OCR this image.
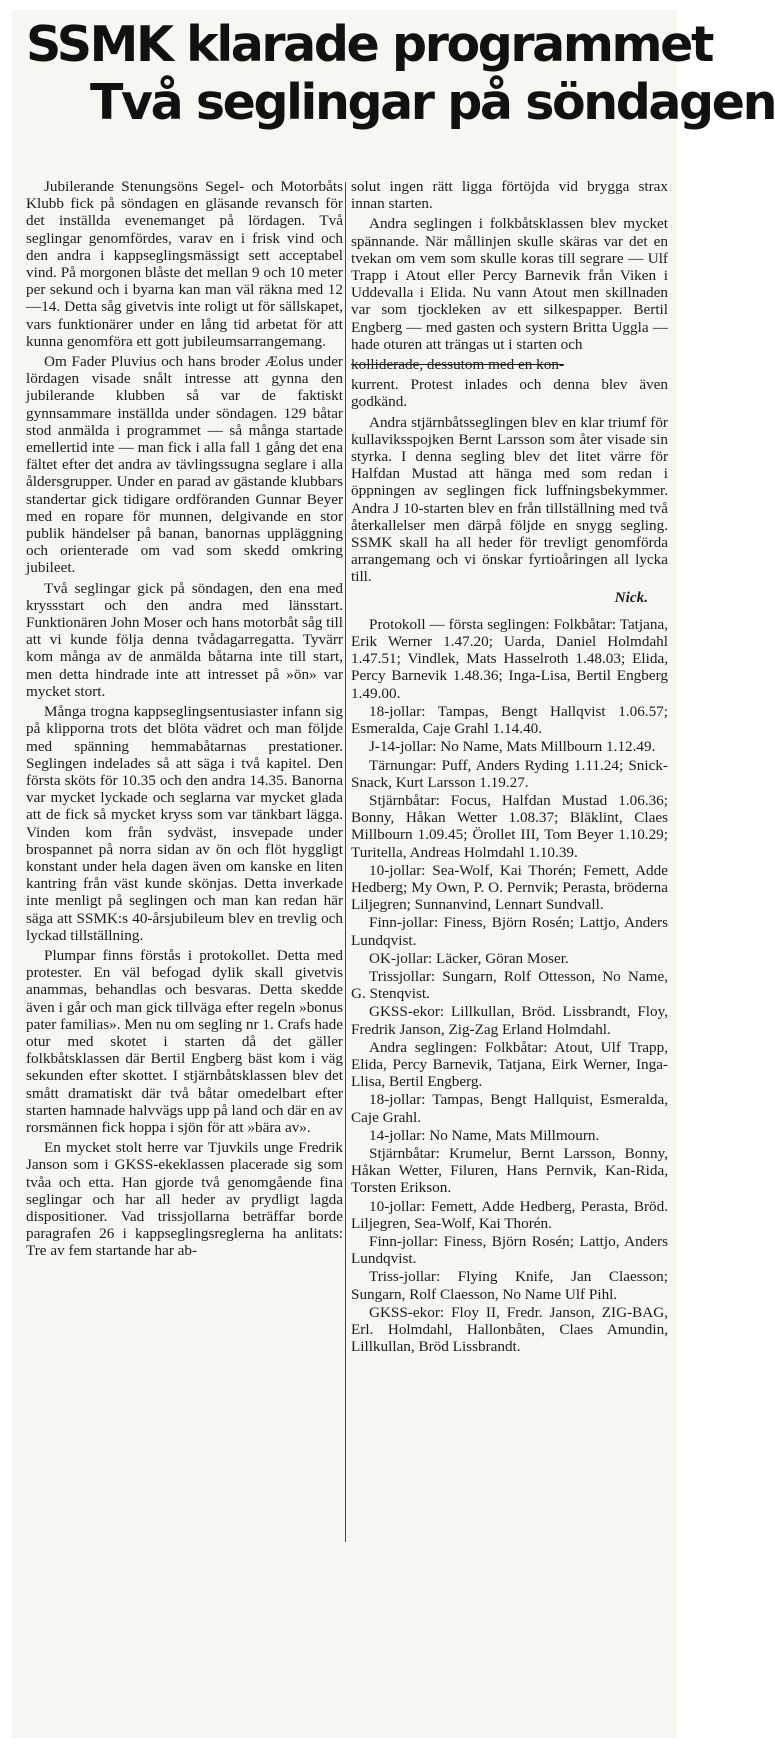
SSMK klarade programmet
Två seglingar på söndagen

Jubilerande Stenungsöns Segel- och Motorbåts Klubb fick på söndagen en gläsande revansch för det inställda evenemanget på lördagen. Två seglingar genomfördes, varav en i frisk vind och den andra i kappseglingsmässigt sett acceptabel vind. På morgonen blåste det mellan 9 och 10 meter per sekund och i byarna kan man väl räkna med 12—14. Detta såg givetvis inte roligt ut för sällskapet, vars funktionärer under en lång tid arbetat för att kunna genomföra ett gott jubileumsarrangemang.

Om Fader Pluvius och hans broder Æolus under lördagen visade snålt intresse att gynna den jubilerande klubben så var de faktiskt gynnsammare inställda under söndagen. 129 båtar stod anmälda i programmet — så många startade emellertid inte — man fick i alla fall 1 gång det ena fältet efter det andra av tävlingssugna seglare i alla åldersgrupper. Under en parad av gästande klubbars standertar gick tidigare ordföranden Gunnar Beyer med en ropare för munnen, delgivande en stor publik händelser på banan, banornas uppläggning och orienterade om vad som skedd omkring jubileet.

Två seglingar gick på söndagen, den ena med kryssstart och den andra med länsstart. Funktionären John Moser och hans motorbåt såg till att vi kunde följa denna tvådagarregatta. Tyvärr kom många av de anmälda båtarna inte till start, men detta hindrade inte att intresset på »ön» var mycket stort.

Många trogna kappseglingsentusiaster infann sig på klipporna trots det blöta vädret och man följde med spänning hemmabåtarnas prestationer. Seglingen indelades så att säga i två kapitel. Den första sköts för 10.35 och den andra 14.35. Banorna var mycket lyckade och seglarna var mycket glada att de fick så mycket kryss som var tänkbart lägga. Vinden kom från sydväst, insvepade under brospannet på norra sidan av ön och flöt hyggligt konstant under hela dagen även om kanske en liten kantring från väst kunde skönjas. Detta inverkade inte menligt på seglingen och man kan redan här säga att SSMK:s 40-årsjubileum blev en trevlig och lyckad tillställning.

Plumpar finns förstås i protokollet. Detta med protester. En väl befogad dylik skall givetvis anammas, behandlas och besvaras. Detta skedde även i går och man gick tillväga efter regeln »bonus pater familias». Men nu om segling nr 1. Crafs hade otur med skotet i starten då det gäller folkbåtsklassen där Bertil Engberg bäst kom i väg sekunden efter skottet. I stjärnbåtsklassen blev det smått dramatiskt där två båtar omedelbart efter starten hamnade halvvägs upp på land och där en av rorsmännen fick hoppa i sjön för att »bära av».

En mycket stolt herre var Tjuvkils unge Fredrik Janson som i GKSS-ekeklassen placerade sig som tvåa och etta. Han gjorde två genomgående fina seglingar och har all heder av prydligt lagda dispositioner. Vad trissjollarna beträffar borde paragrafen 26 i kappseglingsreglerna ha anlitats: Tre av fem startande har ab-

solut ingen rätt ligga förtöjda vid brygga strax innan starten.

Andra seglingen i folkbåtsklassen blev mycket spännande. När mållinjen skulle skäras var det en tvekan om vem som skulle koras till segrare — Ulf Trapp i Atout eller Percy Barnevik från Viken i Uddevalla i Elida. Nu vann Atout men skillnaden var som tjockleken av ett silkespapper. Bertil Engberg — med gasten och systern Britta Uggla — hade oturen att trängas ut i starten och

kolliderade, dessutom med en kon-

kurrent. Protest inlades och denna blev även godkänd.

Andra stjärnbåtsseglingen blev en klar triumf för kullaviksspojken Bernt Larsson som åter visade sin styrka. I denna segling blev det litet värre för Halfdan Mustad att hänga med som redan i öppningen av seglingen fick luffningsbekymmer. Andra J 10-starten blev en från tillställning med två återkallelser men därpå följde en snygg segling. SSMK skall ha all heder för trevligt genomförda arrangemang och vi önskar fyrtioåringen all lycka till.

Nick.

Protokoll — första seglingen: Folkbåtar: Tatjana, Erik Werner 1.47.20; Uarda, Daniel Holmdahl 1.47.51; Vindlek, Mats Hasselroth 1.48.03; Elida, Percy Barnevik 1.48.36; Inga-Lisa, Bertil Engberg 1.49.00.

18-jollar: Tampas, Bengt Hallqvist 1.06.57; Esmeralda, Caje Grahl 1.14.40.

J-14-jollar: No Name, Mats Millbourn 1.12.49.

Tärnungar: Puff, Anders Ryding 1.11.24; Snick-Snack, Kurt Larsson 1.19.27.

Stjärnbåtar: Focus, Halfdan Mustad 1.06.36; Bonny, Håkan Wetter 1.08.37; Bläklint, Claes Millbourn 1.09.45; Örollet III, Tom Beyer 1.10.29; Turitella, Andreas Holmdahl 1.10.39.

10-jollar: Sea-Wolf, Kai Thorén; Femett, Adde Hedberg; My Own, P. O. Pernvik; Perasta, bröderna Liljegren; Sunnanvind, Lennart Sundvall.

Finn-jollar: Finess, Björn Rosén; Lattjo, Anders Lundqvist.

OK-jollar: Läcker, Göran Moser.

Trissjollar: Sungarn, Rolf Ottesson, No Name, G. Stenqvist.

GKSS-ekor: Lillkullan, Bröd. Lissbrandt, Floy, Fredrik Janson, Zig-Zag Erland Holmdahl.

Andra seglingen: Folkbåtar: Atout, Ulf Trapp, Elida, Percy Barnevik, Tatjana, Eirk Werner, Inga-Llisa, Bertil Engberg.

18-jollar: Tampas, Bengt Hallquist, Esmeralda, Caje Grahl.

14-jollar: No Name, Mats Millmourn.

Stjärnbåtar: Krumelur, Bernt Larsson, Bonny, Håkan Wetter, Filuren, Hans Pernvik, Kan-Rida, Torsten Erikson.

10-jollar: Femett, Adde Hedberg, Perasta, Bröd. Liljegren, Sea-Wolf, Kai Thorén.

Finn-jollar: Finess, Björn Rosén; Lattjo, Anders Lundqvist.

Triss-jollar: Flying Knife, Jan Claesson; Sungarn, Rolf Claesson, No Name Ulf Pihl.

GKSS-ekor: Floy II, Fredr. Janson, ZIG-BAG, Erl. Holmdahl, Hallonbåten, Claes Amundin, Lillkullan, Bröd Lissbrandt.
